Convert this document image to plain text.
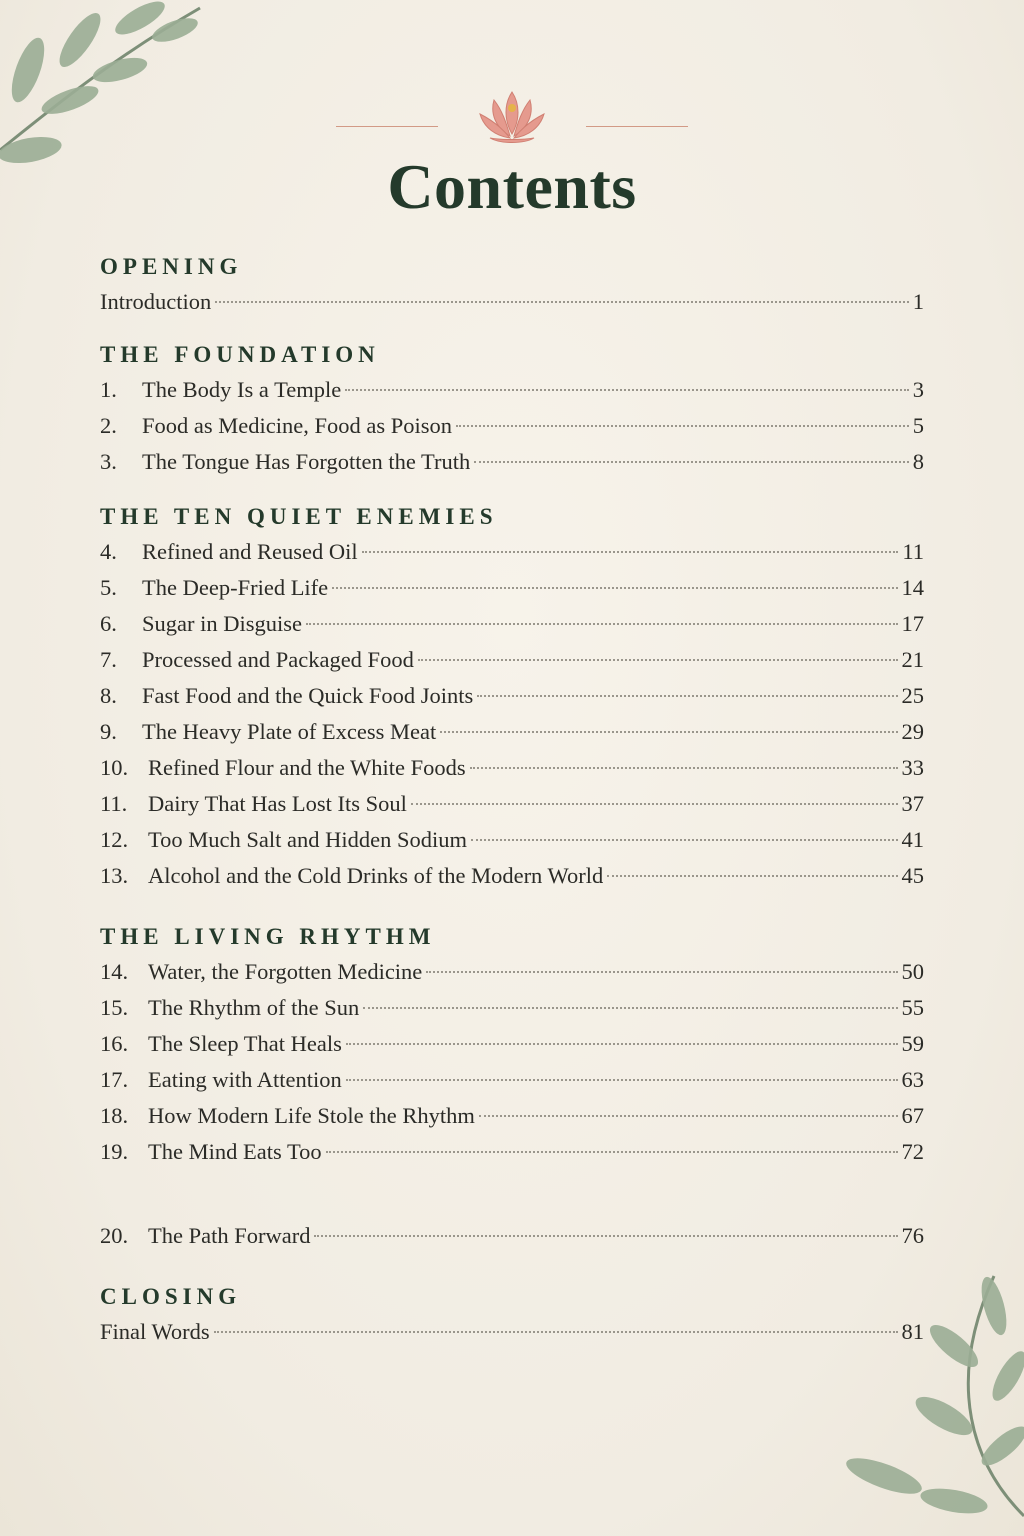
Contents
OPENING
Introduction	1
THE FOUNDATION
1.	The Body Is a Temple	3
2.	Food as Medicine, Food as Poison	5
3.	The Tongue Has Forgotten the Truth	8
THE TEN QUIET ENEMIES
4.	Refined and Reused Oil	11
5.	The Deep-Fried Life	14
6.	Sugar in Disguise	17
7.	Processed and Packaged Food	21
8.	Fast Food and the Quick Food Joints	25
9.	The Heavy Plate of Excess Meat	29
10. Refined Flour and the White Foods	33
11. Dairy That Has Lost Its Soul	37
12. Too Much Salt and Hidden Sodium	41
13. Alcohol and the Cold Drinks of the Modern World	45
THE LIVING RHYTHM
14. Water, the Forgotten Medicine	50
15. The Rhythm of the Sun	55
16. The Sleep That Heals	59
17. Eating with Attention	63
18. How Modern Life Stole the Rhythm	67
19. The Mind Eats Too	72
20. The Path Forward	76
CLOSING
Final Words	81
